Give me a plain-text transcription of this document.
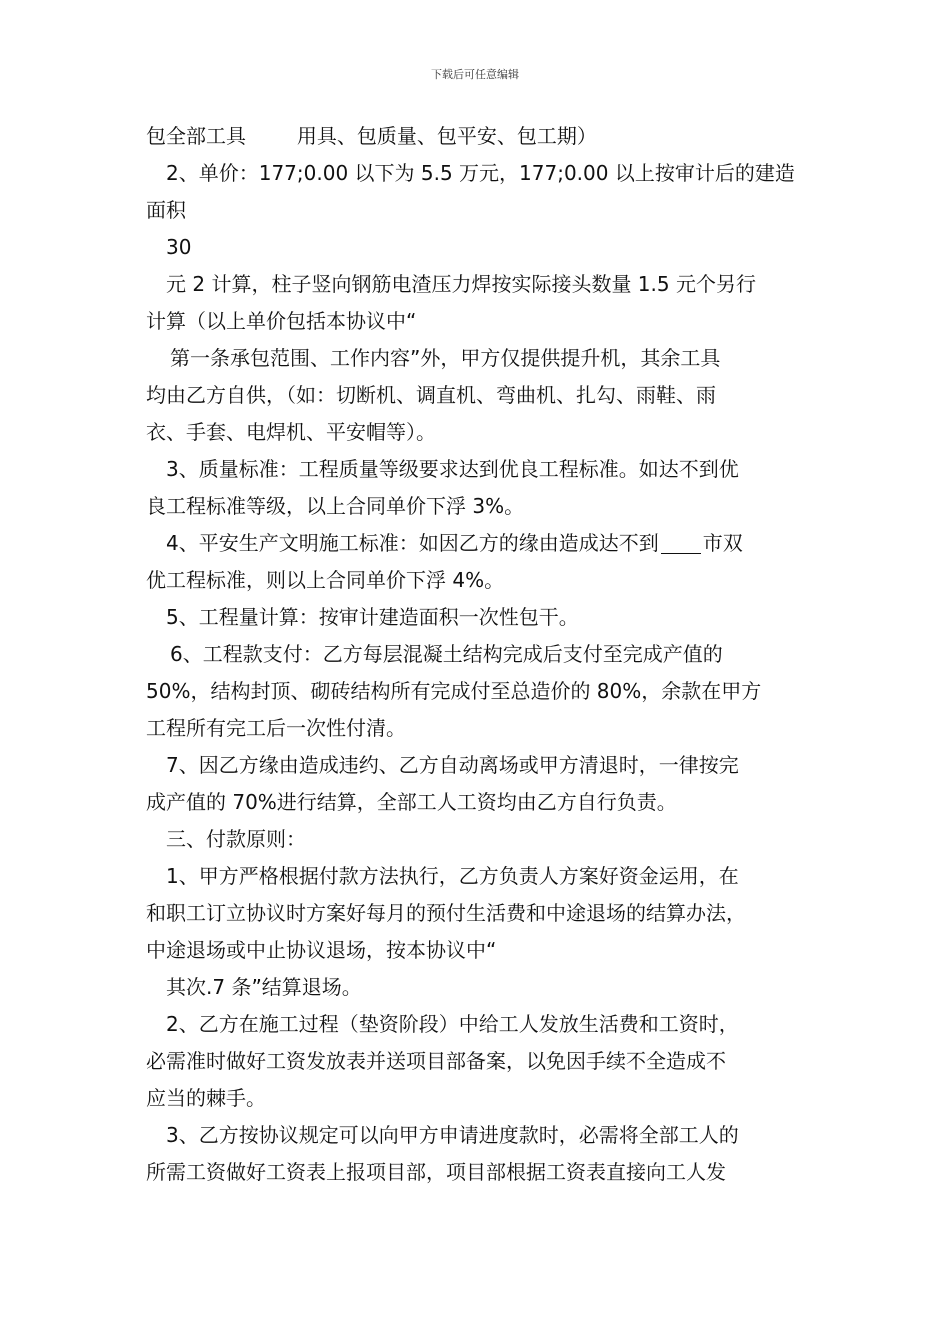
下载后可任意编辑
包全部工具        用具、包质量、包平安、包工期）
2、单价：177;0.00 以下为 5.5 万元，177;0.00 以上按审计后的建造
面积
30
元 2 计算，柱子竖向钢筋电渣压力焊按实际接头数量 1.5 元个另行
计算（以上单价包括本协议中“
第一条承包范围、工作内容”外，甲方仅提供提升机，其余工具
均由乙方自供，（如：切断机、调直机、弯曲机、扎勾、雨鞋、雨
衣、手套、电焊机、平安帽等）。
3、质量标准：工程质量等级要求达到优良工程标准。如达不到优
良工程标准等级，以上合同单价下浮 3%。
4、平安生产文明施工标准：如因乙方的缘由造成达不到 市双
优工程标准，则以上合同单价下浮 4%。
5、工程量计算：按审计建造面积一次性包干。
6、工程款支付：乙方每层混凝土结构完成后支付至完成产值的
50%，结构封顶、砌砖结构所有完成付至总造价的 80%，余款在甲方
工程所有完工后一次性付清。
7、因乙方缘由造成违约、乙方自动离场或甲方清退时，一律按完
成产值的 70%进行结算，全部工人工资均由乙方自行负责。
三、付款原则：
1、甲方严格根据付款方法执行，乙方负责人方案好资金运用，在
和职工订立协议时方案好每月的预付生活费和中途退场的结算办法，
中途退场或中止协议退场，按本协议中“
其次.7 条”结算退场。
2、乙方在施工过程（垫资阶段）中给工人发放生活费和工资时，
必需准时做好工资发放表并送项目部备案，以免因手续不全造成不
应当的棘手。
3、乙方按协议规定可以向甲方申请进度款时，必需将全部工人的
所需工资做好工资表上报项目部，项目部根据工资表直接向工人发
